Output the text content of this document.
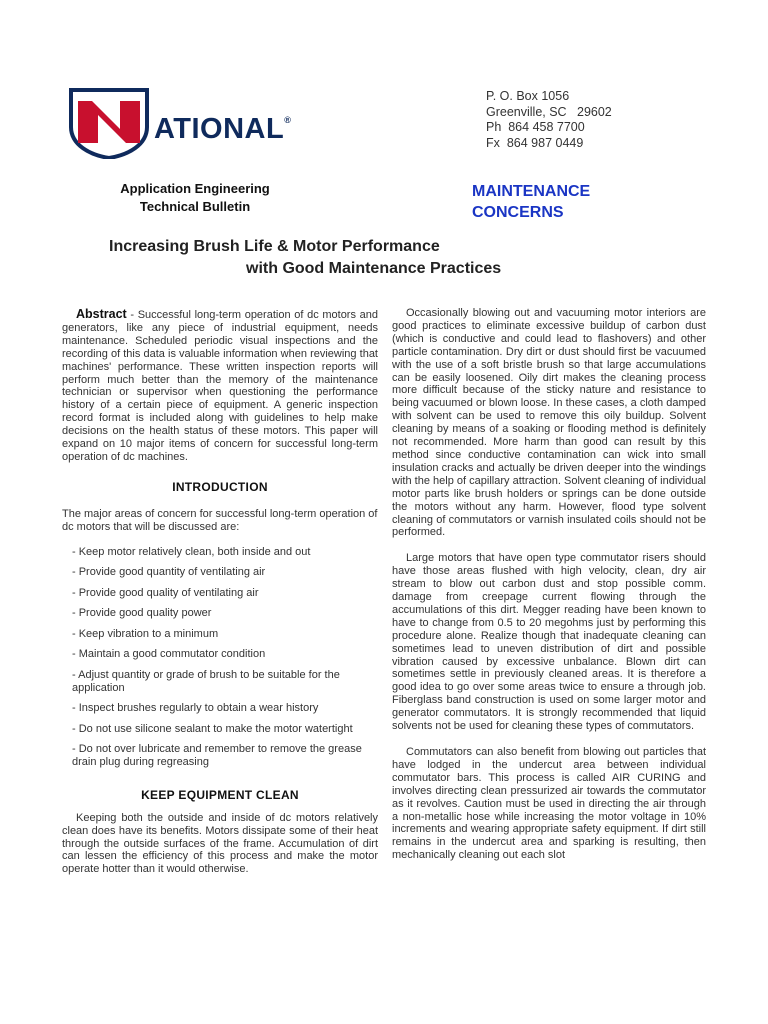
ATIONAL®
P. O. Box 1056
Greenville, SC   29602
Ph  864 458 7700
Fx  864 987 0449
Application Engineering
Technical Bulletin
MAINTENANCE
CONCERNS
Increasing Brush Life & Motor Performance
with Good Maintenance Practices

Abstract - Successful long-term operation of dc motors and generators, like any piece of industrial equipment, needs maintenance. Scheduled periodic visual inspections and the recording of this data is valuable information when reviewing that machines' performance. These written inspection reports will perform much better than the memory of the maintenance technician or supervisor when questioning the performance history of a certain piece of equipment. A generic inspection record format is included along with guidelines to help make decisions on the health status of these motors. This paper will expand on 10 major items of concern for successful long-term operation of dc machines.

INTRODUCTION

The major areas of concern for successful long-term operation of dc motors that will be discussed are:

- Keep motor relatively clean, both inside and out
- Provide good quantity of ventilating air
- Provide good quality of ventilating air
- Provide good quality power
- Keep vibration to a minimum
- Maintain a good commutator condition
- Adjust quantity or grade of brush to be suitable for the application
- Inspect brushes regularly to obtain a wear history
- Do not use silicone sealant to make the motor watertight
- Do not over lubricate and remember to remove the grease drain plug during regreasing
KEEP EQUIPMENT CLEAN

Keeping both the outside and inside of dc motors relatively clean does have its benefits. Motors dissipate some of their heat through the outside surfaces of the frame. Accumulation of dirt can lessen the efficiency of this process and make the motor operate hotter than it would otherwise.

Occasionally blowing out and vacuuming motor interiors are good practices to eliminate excessive buildup of carbon dust (which is conductive and could lead to flashovers) and other particle contamination. Dry dirt or dust should first be vacuumed with the use of a soft bristle brush so that large accumulations can be easily loosened. Oily dirt makes the cleaning process more difficult because of the sticky nature and resistance to being vacuumed or blown loose. In these cases, a cloth damped with solvent can be used to remove this oily buildup. Solvent cleaning by means of a soaking or flooding method is definitely not recommended. More harm than good can result by this method since conductive contamination can wick into small insulation cracks and actually be driven deeper into the windings with the help of capillary attraction. Solvent cleaning of individual motor parts like brush holders or springs can be done outside the motors without any harm. However, flood type solvent cleaning of commutators or varnish insulated coils should not be performed.

Large motors that have open type commutator risers should have those areas flushed with high velocity, clean, dry air stream to blow out carbon dust and stop possible comm. damage from creepage current flowing through the accumulations of this dirt. Megger reading have been known to have to change from 0.5 to 20 megohms just by performing this procedure alone. Realize though that inadequate cleaning can sometimes lead to uneven distribution of dirt and possible vibration caused by excessive unbalance. Blown dirt can sometimes settle in previously cleaned areas. It is therefore a good idea to go over some areas twice to ensure a through job. Fiberglass band construction is used on some larger motor and generator commutators. It is strongly recommended that liquid solvents not be used for cleaning these types of commutators.

Commutators can also benefit from blowing out particles that have lodged in the undercut area between individual commutator bars. This process is called AIR CURING and involves directing clean pressurized air towards the commutator as it revolves. Caution must be used in directing the air through a non-metallic hose while increasing the motor voltage in 10% increments and wearing appropriate safety equipment. If dirt still remains in the undercut area and sparking is resulting, then mechanically cleaning out each slot
